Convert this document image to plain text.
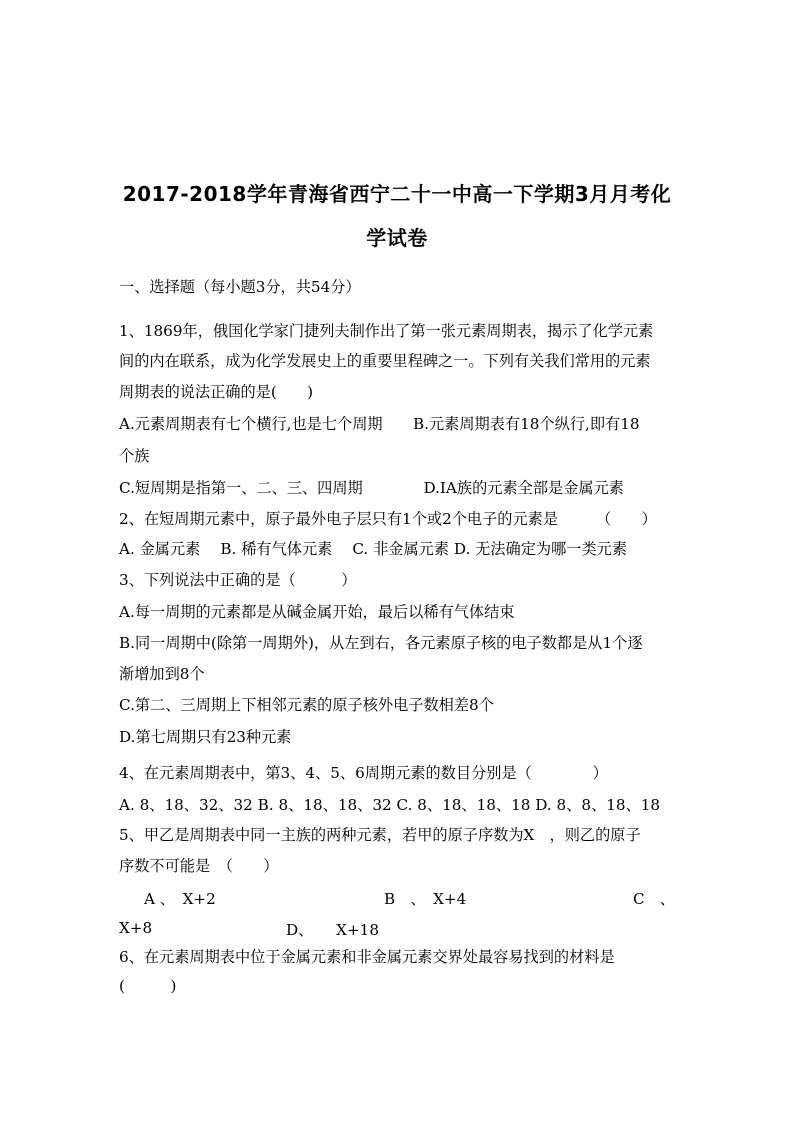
2017-2018学年青海省西宁二十一中高一下学期3月月考化
学试卷
一、选择题（每小题3分，共54分）
1、1869年，俄国化学家门捷列夫制作出了第一张元素周期表，揭示了化学元素
间的内在联系，成为化学发展史上的重要里程碑之一。下列有关我们常用的元素
周期表的说法正确的是(　　)
A.元素周期表有七个横行,也是七个周期　　B.元素周期表有18个纵行,即有18
个族
C.短周期是指第一、二、三、四周期　　　　D.ⅠA族的元素全部是金属元素
2、在短周期元素中，原子最外电子层只有1个或2个电子的元素是　　　（　　）
A. 金属元素　 B. 稀有气体元素　 C. 非金属元素 D. 无法确定为哪一类元素
3、下列说法中正确的是（　　　）
A.每一周期的元素都是从碱金属开始，最后以稀有气体结束
B.同一周期中(除第一周期外)，从左到右，各元素原子核的电子数都是从1个逐
渐增加到8个
C.第二、三周期上下相邻元素的原子核外电子数相差8个
D.第七周期只有23种元素
4、在元素周期表中，第3、4、5、6周期元素的数目分别是（　　　　）
A. 8、18、32、32 B. 8、18、18、32 C. 8、18、18、18 D. 8、8、18、18
5、甲乙是周期表中同一主族的两种元素，若甲的原子序数为X　，则乙的原子
序数不可能是　（　　）
A 、　X+2	B　、　X+4	C　、
X+8	D、　　X+18
6、在元素周期表中位于金属元素和非金属元素交界处最容易找到的材料是
(　　　)
